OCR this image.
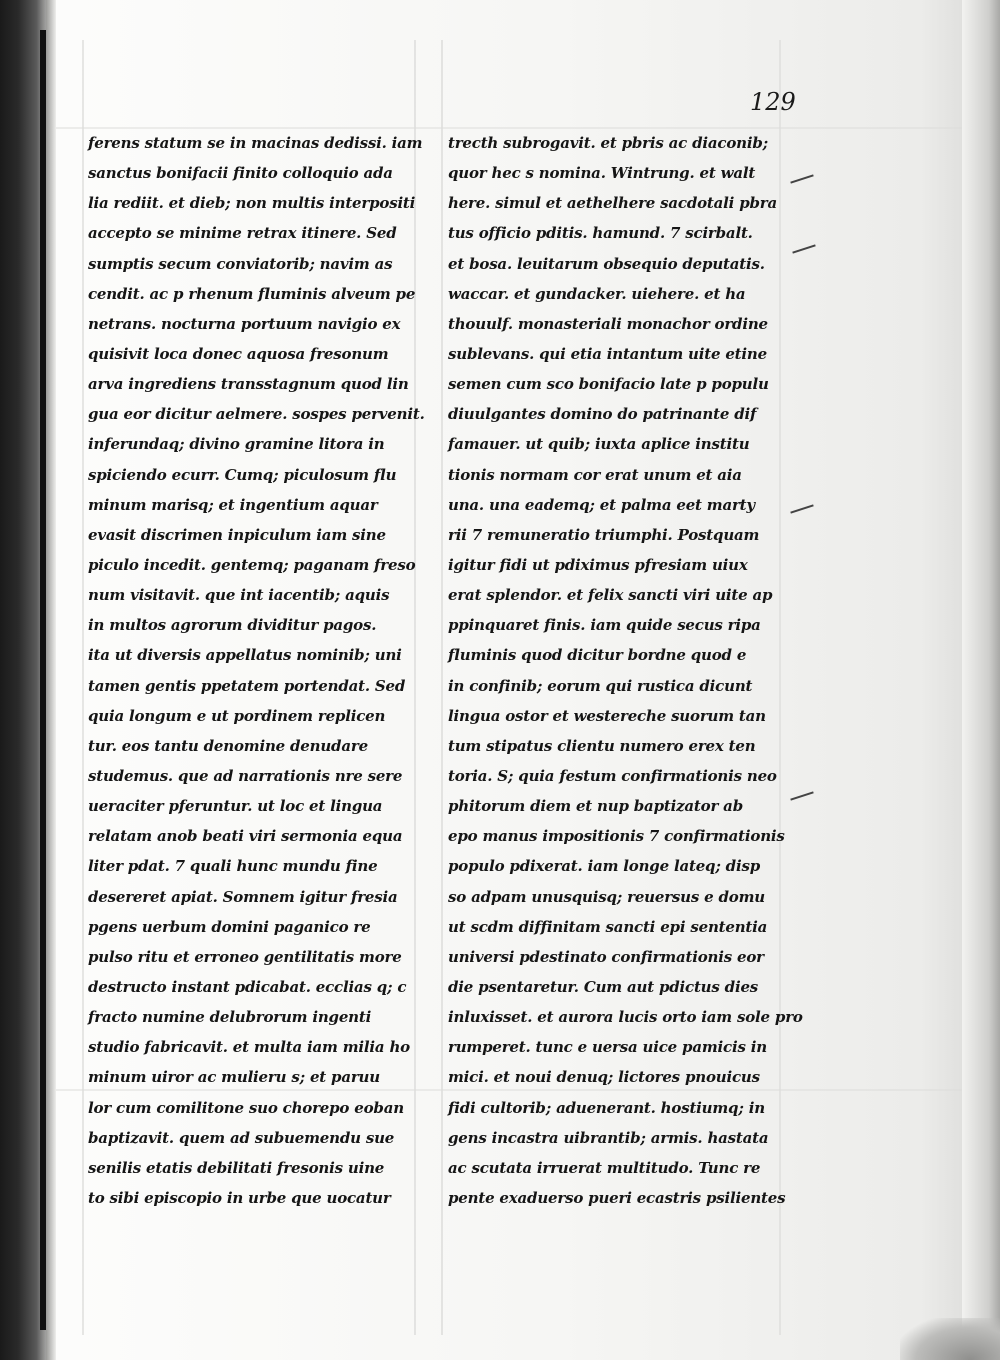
129

ferens statum se in macinas dedissi. iam
sanctus bonifacii finito colloquio ada
lia rediit. et dieb; non multis interpositi
accepto se minime retrax itinere. Sed
sumptis secum conviatorib; navim as
cendit. ac p rhenum fluminis alveum pe
netrans. nocturna portuum navigio ex
quisivit loca donec aquosa fresonum
arva ingrediens transstagnum quod lin
gua eor dicitur aelmere. sospes pervenit.
inferundaq; divino gramine litora in
spiciendo ecurr. Cumq; piculosum flu
minum marisq; et ingentium aquar
evasit discrimen inpiculum iam sine
piculo incedit. gentemq; paganam freso
num visitavit. que int iacentib; aquis
in multos agrorum dividitur pagos.
ita ut diversis appellatus nominib; uni
tamen gentis ppetatem portendat. Sed
quia longum e ut pordinem replicen
tur. eos tantu denomine denudare
studemus. que ad narrationis nre sere
ueraciter pferuntur. ut loc et lingua
relatam anob beati viri sermonia equa
liter pdat. 7 quali hunc mundu fine
desereret apiat. Somnem igitur fresia
pgens uerbum domini paganico re
pulso ritu et erroneo gentilitatis more
destructo instant pdicabat. ecclias q; c
fracto numine delubrorum ingenti
studio fabricavit. et multa iam milia ho
minum uiror ac mulieru s; et paruu
lor cum comilitone suo chorepo eoban
baptizavit. quem ad subuemendu sue
senilis etatis debilitati fresonis uine
to sibi episcopio in urbe que uocatur
trecth subrogavit. et pbris ac diaconib;
quor hec s nomina. Wintrung. et walt
here. simul et aethelhere sacdotali pbra
tus officio pditis. hamund. 7 scirbalt.
et bosa. leuitarum obsequio deputatis.
waccar. et gundacker. uiehere. et ha
thouulf. monasteriali monachor ordine
sublevans. qui etia intantum uite etine
semen cum sco bonifacio late p populu
diuulgantes domino do patrinante dif
famauer. ut quib; iuxta aplice institu
tionis normam cor erat unum et aia
una. una eademq; et palma eet marty
rii 7 remuneratio triumphi. Postquam
igitur fidi ut pdiximus pfresiam uiux
erat splendor. et felix sancti viri uite ap
ppinquaret finis. iam quide secus ripa
fluminis quod dicitur bordne quod e
in confinib; eorum qui rustica dicunt
lingua ostor et westereche suorum tan
tum stipatus clientu numero erex ten
toria. S; quia festum confirmationis neo
phitorum diem et nup baptizator ab
epo manus impositionis 7 confirmationis
populo pdixerat. iam longe lateq; disp
so adpam unusquisq; reuersus e domu
ut scdm diffinitam sancti epi sententia
universi pdestinato confirmationis eor
die psentaretur. Cum aut pdictus dies
inluxisset. et aurora lucis orto iam sole pro
rumperet. tunc e uersa uice pamicis in
mici. et noui denuq; lictores pnouicus
fidi cultorib; aduenerant. hostiumq; in
gens incastra uibrantib; armis. hastata
ac scutata irruerat multitudo. Tunc re
pente exaduerso pueri ecastris psilientes
